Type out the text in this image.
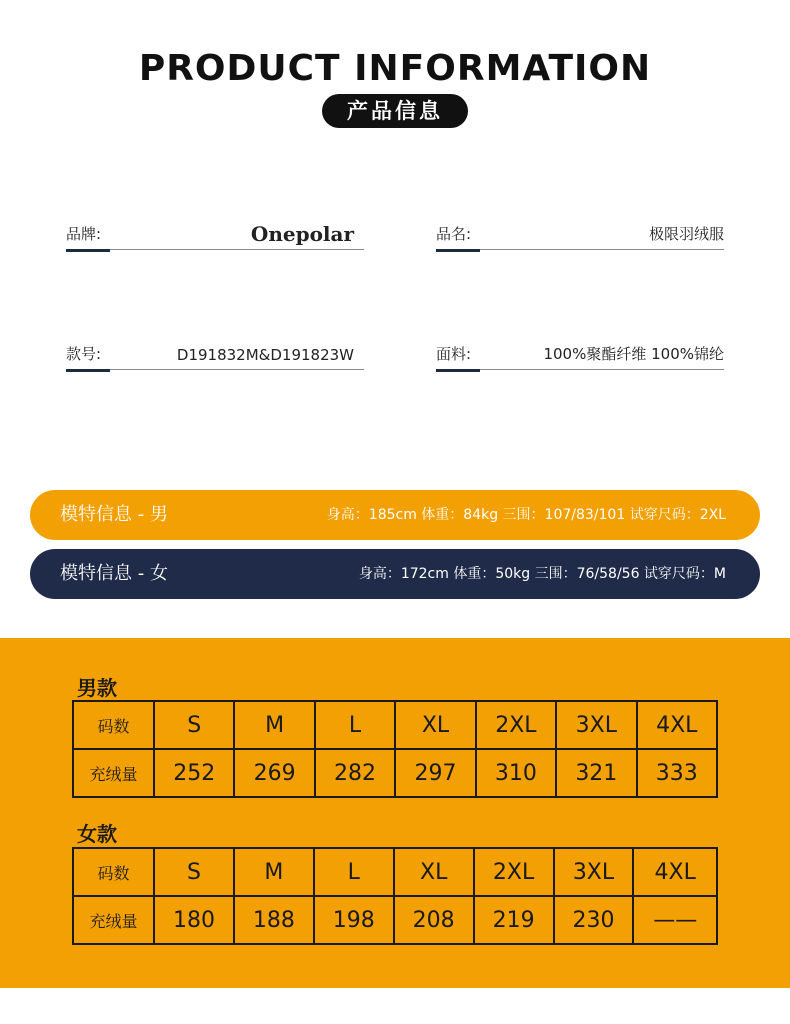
PRODUCT INFORMATION
产品信息
品牌:	Onepolar	品名:	极限羽绒服
款号:	D191832M&D191823W	面料:	100%聚酯纤维 100%锦纶
模特信息 - 男	身高：185cm 体重：84kg 三围：107/83/101 试穿尺码：2XL
模特信息 - 女	身高：172cm 体重：50kg 三围：76/58/56 试穿尺码：M
男款
码数	S	M	L	XL	2XL	3XL	4XL
充绒量	252	269	282	297	310	321	333
女款
码数	S	M	L	XL	2XL	3XL	4XL
充绒量	180	188	198	208	219	230	——
